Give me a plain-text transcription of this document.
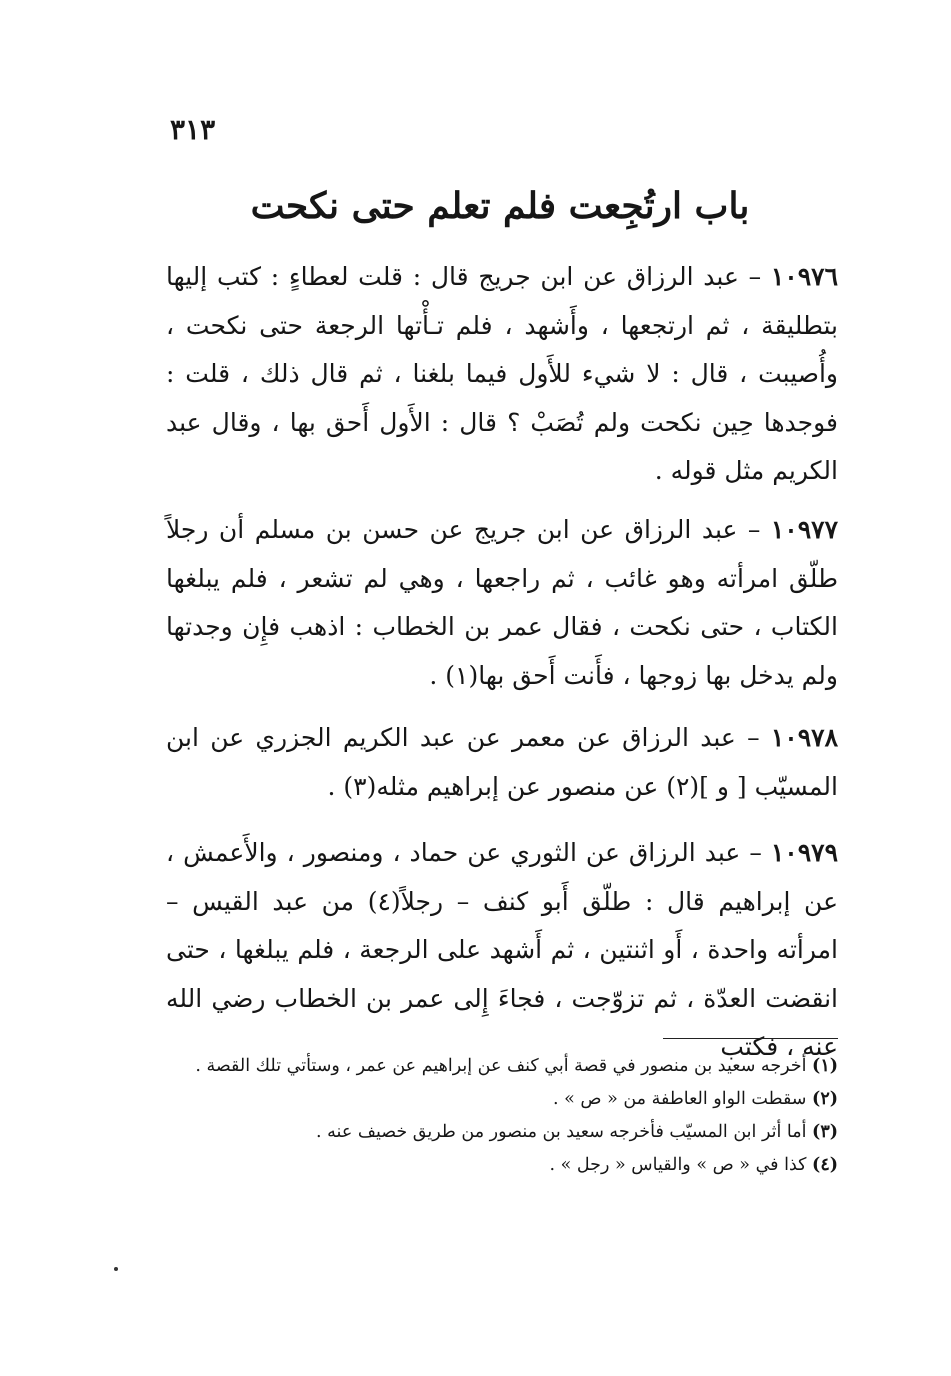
٣١٣
باب ارتُجِعت فلم تعلم حتى نكحت

١٠٩٧٦ – عبد الرزاق عن ابن جريج قال : قلت لعطاءٍ : كتب إليها بتطليقة ، ثم ارتجعها ، وأَشهد ، فلم تـأْتها الرجعة حتى نكحت ، وأُصيبت ، قال : لا شيء للأَول فيما بلغنا ، ثم قال ذلك ، قلت : فوجدها حِين نكحت ولم تُصَبْ ؟ قال : الأَول أَحق بها ، وقال عبد الكريم مثل قوله .

١٠٩٧٧ – عبد الرزاق عن ابن جريج عن حسن بن مسلم أن رجلاً طلّق امرأته وهو غائب ، ثم راجعها ، وهي لم تشعر ، فلم يبلغها الكتاب ، حتى نكحت ، فقال عمر بن الخطاب : اذهب فإِن وجدتها ولم يدخل بها زوجها ، فأَنت أَحق بها(١) .

١٠٩٧٨ – عبد الرزاق عن معمر عن عبد الكريم الجزري عن ابن المسيّب [ و ](٢) عن منصور عن إبراهيم مثله(٣) .

١٠٩٧٩ – عبد الرزاق عن الثوري عن حماد ، ومنصور ، والأَعمش ، عن إبراهيم قال : طلّق أَبو كنف – رجلاً(٤) من عبد القيس – امرأته واحدة ، أَو اثنتين ، ثم أَشهد على الرجعة ، فلم يبلغها ، حتى انقضت العدّة ، ثم تزوّجت ، فجاءَ إِلى عمر بن الخطاب رضي الله عنه ، فكتب

(١) أخرجه سعيد بن منصور في قصة أبي كنف عن إبراهيم عن عمر ، وستأتي تلك القصة .
(٢) سقطت الواو العاطفة من « ص » .
(٣) أما أثر ابن المسيّب فأخرجه سعيد بن منصور من طريق خصيف عنه .
(٤) كذا في « ص » والقياس « رجل » .
